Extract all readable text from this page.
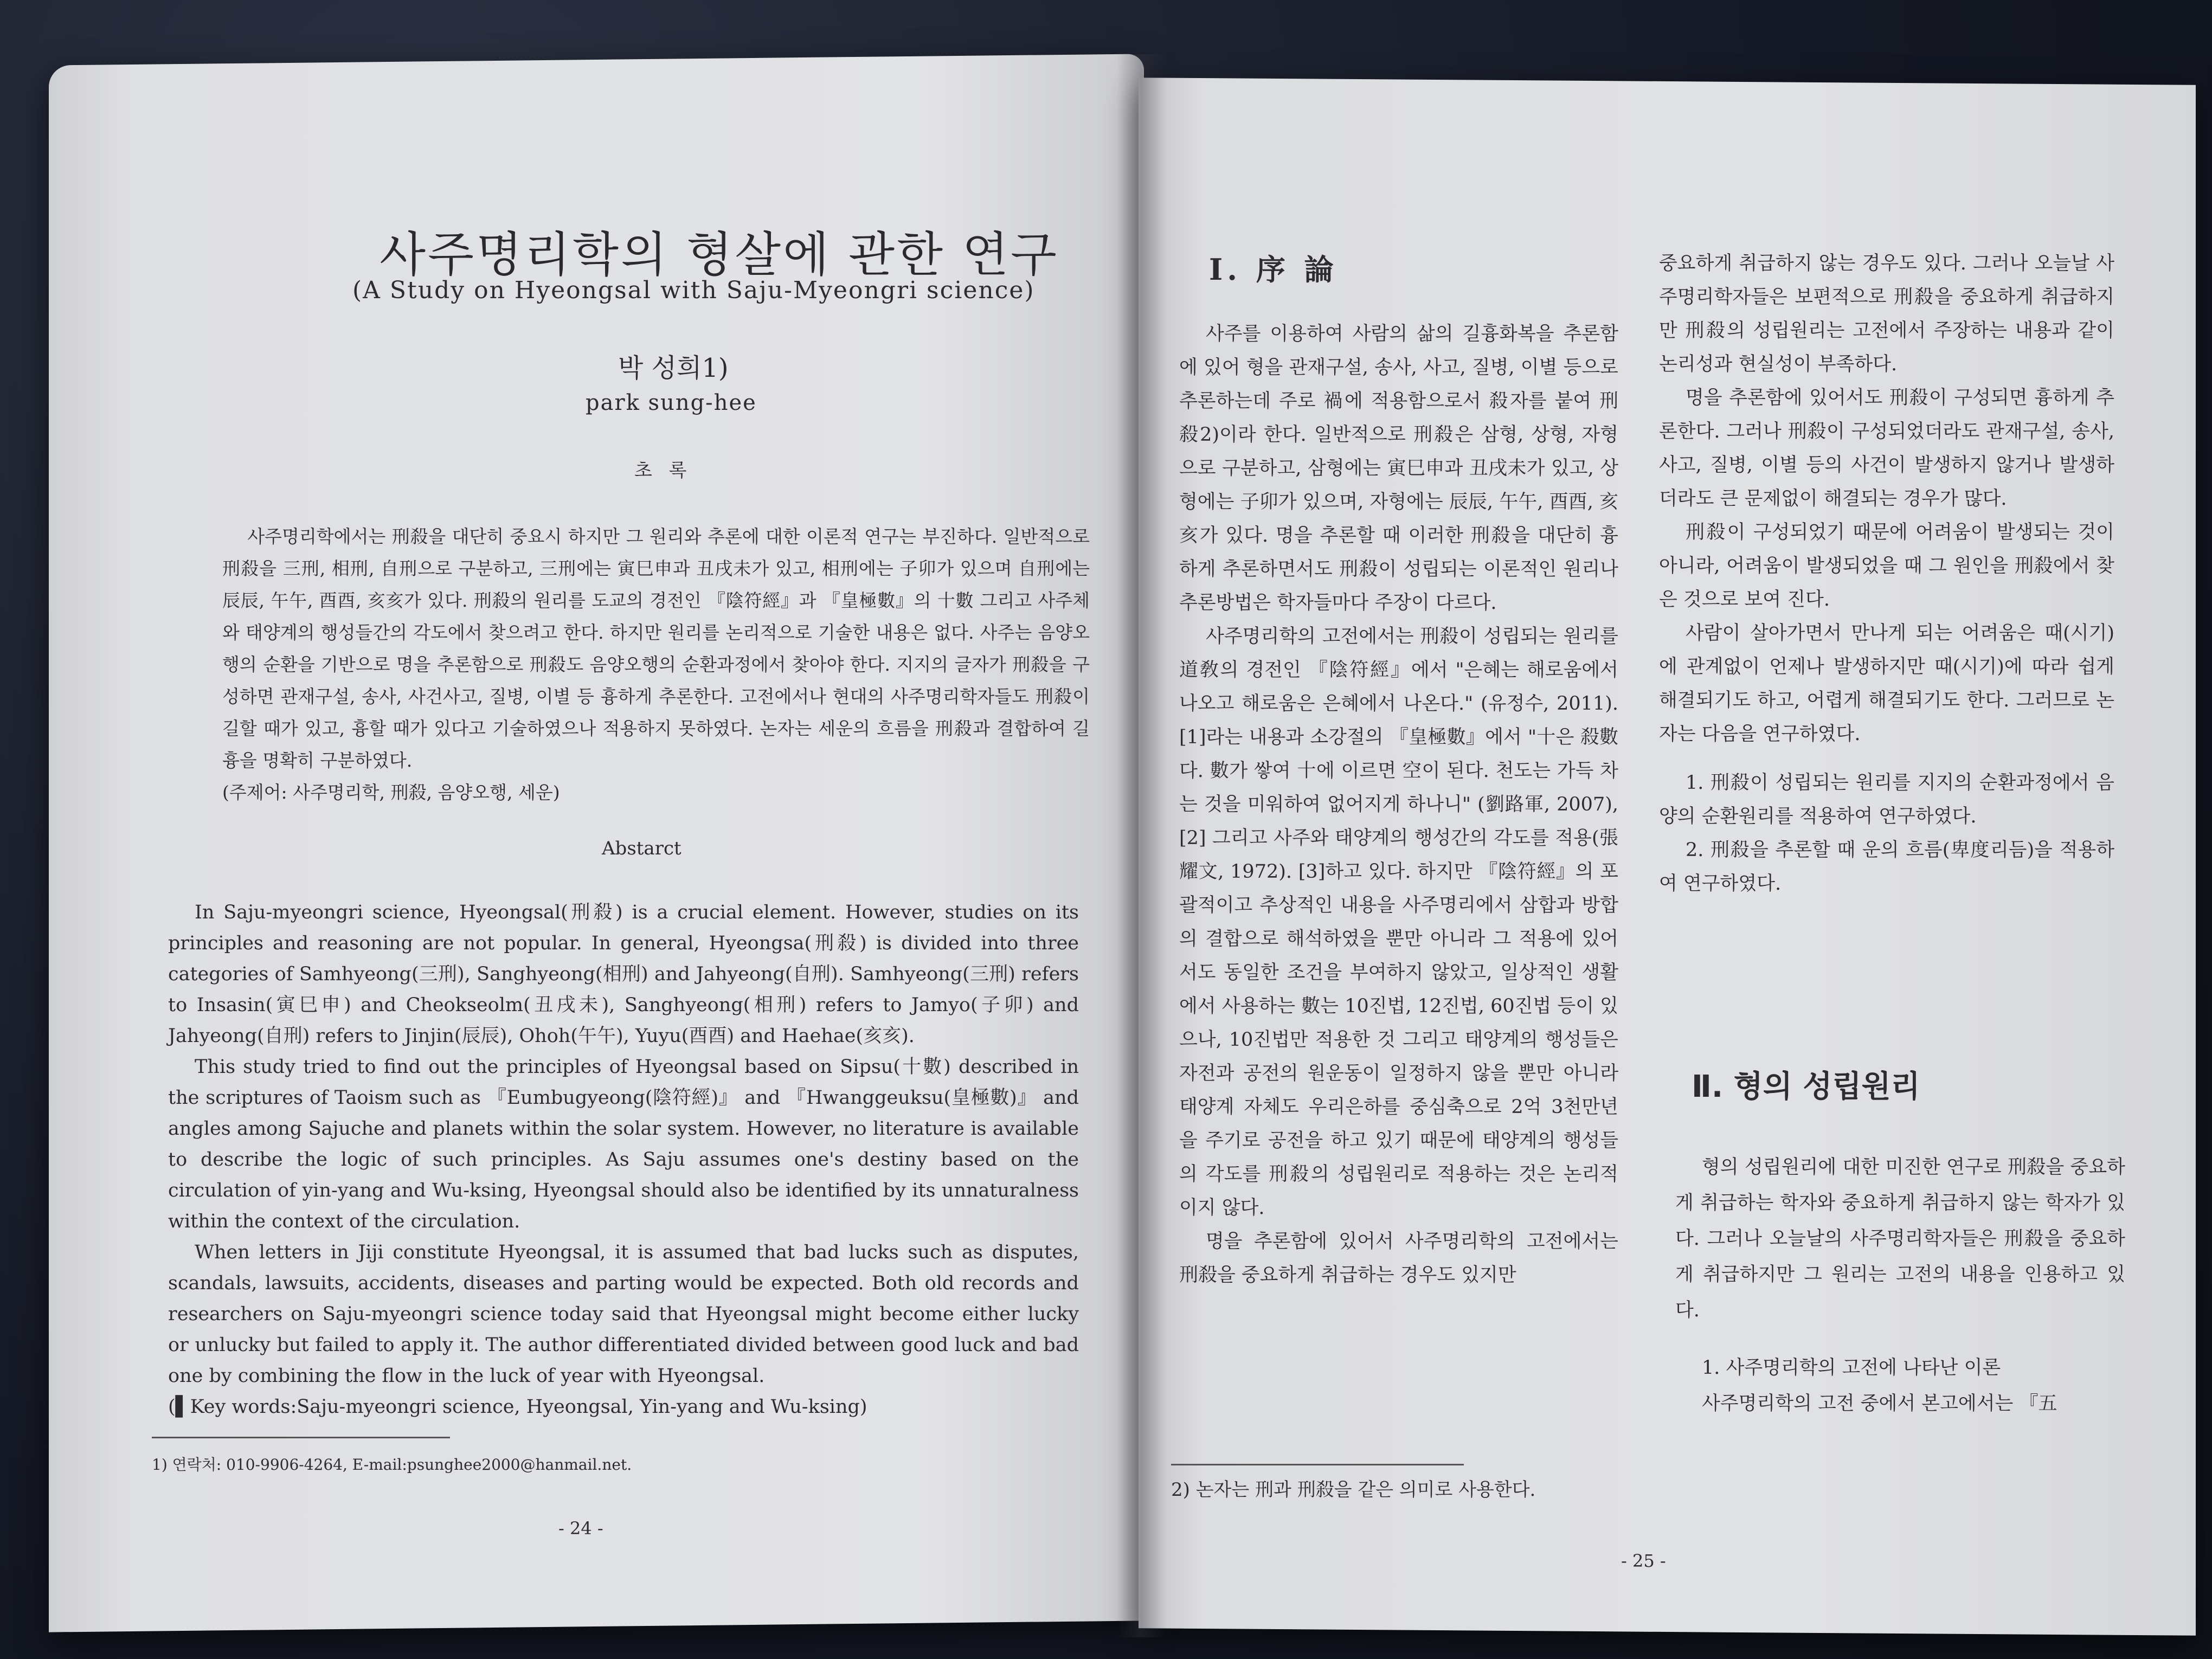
사주명리학의 형살에 관한 연구
(A Study on Hyeongsal with Saju-Myeongri science)
박 성희1)
park sung-hee
초 록

사주명리학에서는 刑殺을 대단히 중요시 하지만 그 원리와 추론에 대한 이론적 연구는 부진하다. 일반적으로 刑殺을 三刑, 相刑, 自刑으로 구분하고, 三刑에는 寅巳申과 丑戌未가 있고, 相刑에는 子卯가 있으며 自刑에는 辰辰, 午午, 酉酉, 亥亥가 있다. 刑殺의 원리를 도교의 경전인 『陰符經』과 『皇極數』의 十數 그리고 사주체와 태양계의 행성들간의 각도에서 찾으려고 한다. 하지만 원리를 논리적으로 기술한 내용은 없다. 사주는 음양오행의 순환을 기반으로 명을 추론함으로 刑殺도 음양오행의 순환과정에서 찾아야 한다. 지지의 글자가 刑殺을 구성하면 관재구설, 송사, 사건사고, 질병, 이별 등 흉하게 추론한다. 고전에서나 현대의 사주명리학자들도 刑殺이 길할 때가 있고, 흉할 때가 있다고 기술하였으나 적용하지 못하였다. 논자는 세운의 흐름을 刑殺과 결합하여 길흉을 명확히 구분하였다.

(주제어: 사주명리학, 刑殺, 음양오행, 세운)

Abstarct

In Saju-myeongri science, Hyeongsal(刑殺) is a crucial element. However, studies on its principles and reasoning are not popular. In general, Hyeongsa(刑殺) is divided into three categories of Samhyeong(三刑), Sanghyeong(相刑) and Jahyeong(自刑). Samhyeong(三刑) refers to Insasin(寅巳申) and Cheokseolm(丑戌未), Sanghyeong(相刑) refers to Jamyo(子卯) and Jahyeong(自刑) refers to Jinjin(辰辰), Ohoh(午午), Yuyu(酉酉) and Haehae(亥亥).

This study tried to find out the principles of Hyeongsal based on Sipsu(十數) described in the scriptures of Taoism such as 『Eumbugyeong(陰符經)』 and 『Hwanggeuksu(皇極數)』 and angles among Sajuche and planets within the solar system. However, no literature is available to describe the logic of such principles. As Saju assumes one's destiny based on the circulation of yin-yang and Wu-ksing, Hyeongsal should also be identified by its unnaturalness within the context of the circulation.

When letters in Jiji constitute Hyeongsal, it is assumed that bad lucks such as disputes, scandals, lawsuits, accidents, diseases and parting would be expected. Both old records and researchers on Saju-myeongri science today said that Hyeongsal might become either lucky or unlucky but failed to apply it. The author differentiated divided between good luck and bad one by combining the flow in the luck of year with Hyeongsal.

(▌Key words:Saju-myeongri science, Hyeongsal, Yin-yang and Wu-ksing)

1) 연락처: 010-9906-4264, E-mail:psunghee2000@hanmail.net.
- 24 -
Ⅰ. 序 論

사주를 이용하여 사람의 삶의 길흉화복을 추론함에 있어 형을 관재구설, 송사, 사고, 질병, 이별 등으로 추론하는데 주로 禍에 적용함으로서 殺자를 붙여 刑殺2)이라 한다. 일반적으로 刑殺은 삼형, 상형, 자형으로 구분하고, 삼형에는 寅巳申과 丑戌未가 있고, 상형에는 子卯가 있으며, 자형에는 辰辰, 午午, 酉酉, 亥亥가 있다. 명을 추론할 때 이러한 刑殺을 대단히 흉하게 추론하면서도 刑殺이 성립되는 이론적인 원리나 추론방법은 학자들마다 주장이 다르다.

사주명리학의 고전에서는 刑殺이 성립되는 원리를 道敎의 경전인 『陰符經』에서 "은혜는 해로움에서 나오고 해로움은 은혜에서 나온다." (유정수, 2011).[1]라는 내용과 소강절의 『皇極數』에서 "十은 殺數다. 數가 쌓여 十에 이르면 空이 된다. 천도는 가득 차는 것을 미워하여 없어지게 하나니" (劉路軍, 2007),[2] 그리고 사주와 태양계의 행성간의 각도를 적용(張耀文, 1972). [3]하고 있다. 하지만 『陰符經』의 포괄적이고 추상적인 내용을 사주명리에서 삼합과 방합의 결합으로 해석하였을 뿐만 아니라 그 적용에 있어서도 동일한 조건을 부여하지 않았고, 일상적인 생활에서 사용하는 數는 10진법, 12진법, 60진법 등이 있으나, 10진법만 적용한 것 그리고 태양계의 행성들은 자전과 공전의 원운동이 일정하지 않을 뿐만 아니라 태양계 자체도 우리은하를 중심축으로 2억 3천만년을 주기로 공전을 하고 있기 때문에 태양계의 행성들의 각도를 刑殺의 성립원리로 적용하는 것은 논리적이지 않다.

명을 추론함에 있어서 사주명리학의 고전에서는 刑殺을 중요하게 취급하는 경우도 있지만

중요하게 취급하지 않는 경우도 있다. 그러나 오늘날 사주명리학자들은 보편적으로 刑殺을 중요하게 취급하지만 刑殺의 성립원리는 고전에서 주장하는 내용과 같이 논리성과 현실성이 부족하다.

명을 추론함에 있어서도 刑殺이 구성되면 흉하게 추론한다. 그러나 刑殺이 구성되었더라도 관재구설, 송사, 사고, 질병, 이별 등의 사건이 발생하지 않거나 발생하더라도 큰 문제없이 해결되는 경우가 많다.

刑殺이 구성되었기 때문에 어려움이 발생되는 것이 아니라, 어려움이 발생되었을 때 그 원인을 刑殺에서 찾은 것으로 보여 진다.

사람이 살아가면서 만나게 되는 어려움은 때(시기)에 관계없이 언제나 발생하지만 때(시기)에 따라 쉽게 해결되기도 하고, 어렵게 해결되기도 한다. 그러므로 논자는 다음을 연구하였다.

1. 刑殺이 성립되는 원리를 지지의 순환과정에서 음양의 순환원리를 적용하여 연구하였다.

2. 刑殺을 추론할 때 운의 흐름(卑度리듬)을 적용하여 연구하였다.

Ⅱ. 형의 성립원리

형의 성립원리에 대한 미진한 연구로 刑殺을 중요하게 취급하는 학자와 중요하게 취급하지 않는 학자가 있다. 그러나 오늘날의 사주명리학자들은 刑殺을 중요하게 취급하지만 그 원리는 고전의 내용을 인용하고 있다.

1. 사주명리학의 고전에 나타난 이론

사주명리학의 고전 중에서 본고에서는 『五

2) 논자는 刑과 刑殺을 같은 의미로 사용한다.
- 25 -
